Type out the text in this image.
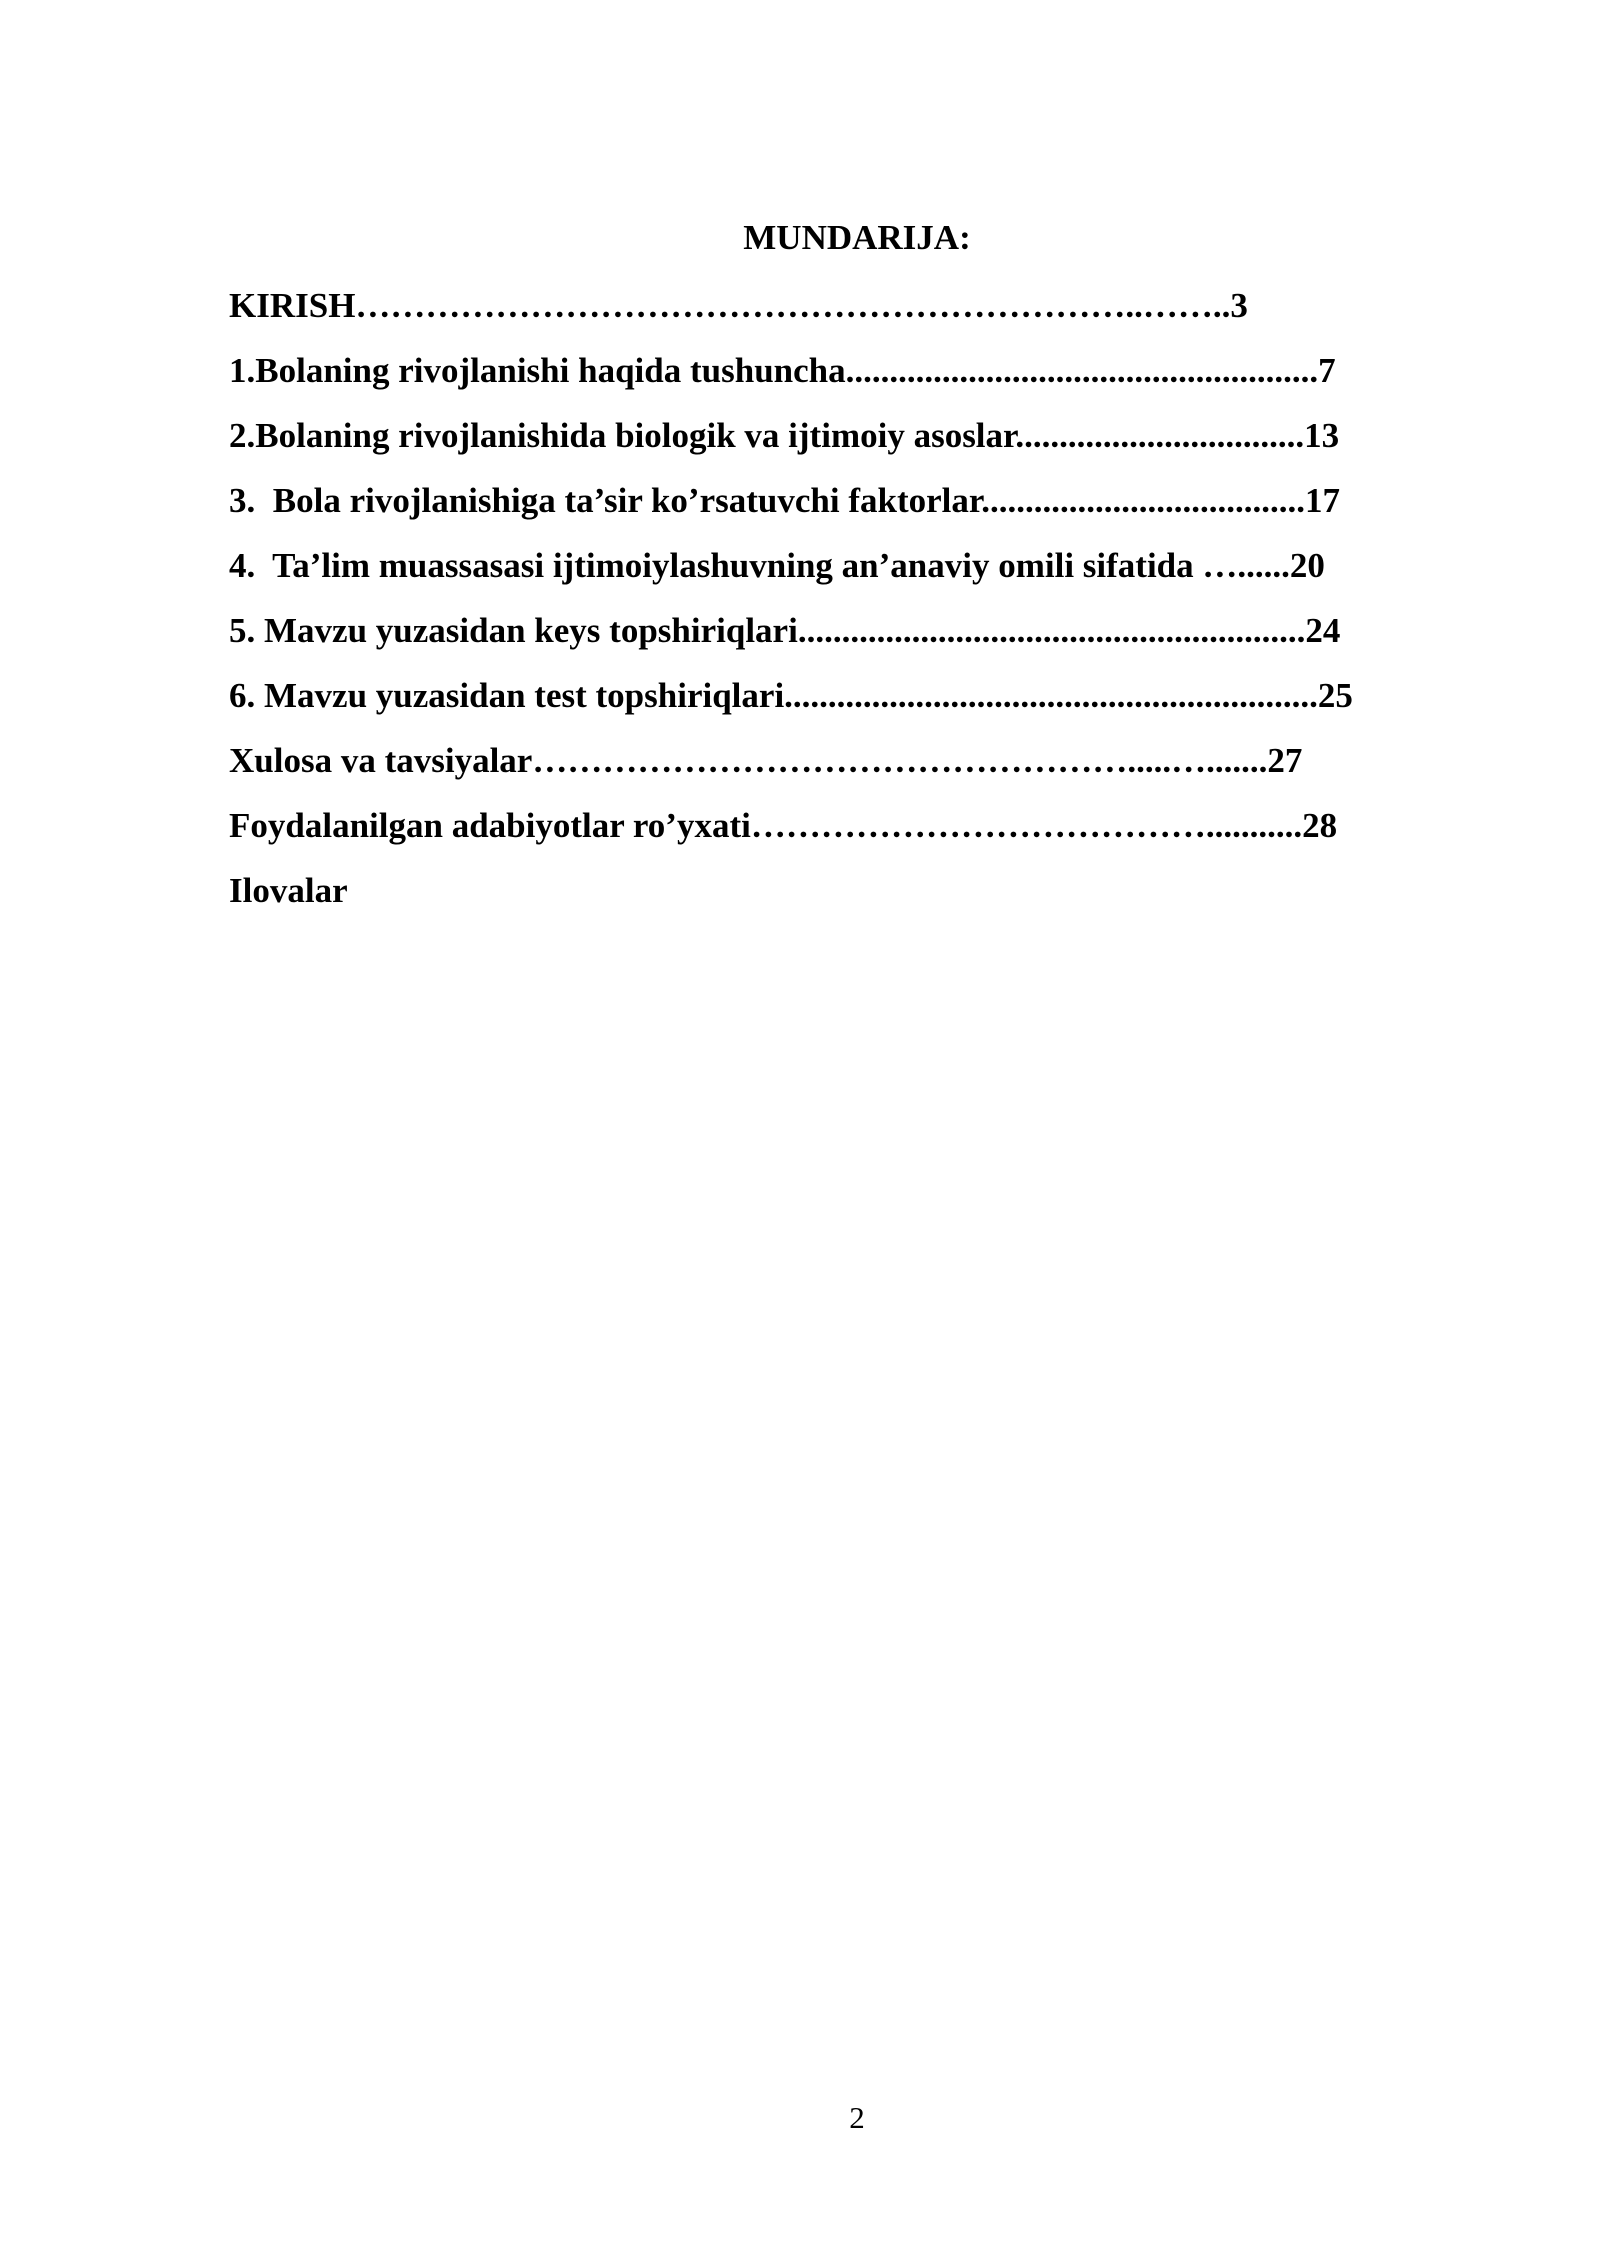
MUNDARIJA:
KIRISH…………………………………………………………..……..3
1.Bolaning rivojlanishi haqida tushuncha......................................................7
2.Bolaning rivojlanishida biologik va ijtimoiy asoslar.................................13
3.  Bola rivojlanishiga ta’sir ko’rsatuvchi faktorlar.....................................17
4.  Ta’lim muassasasi ijtimoiylashuvning an’anaviy omili sifatida …......20
5. Mavzu yuzasidan keys topshiriqlari..........................................................24
6. Mavzu yuzasidan test topshiriqlari.............................................................25
Xulosa va tavsiyalar…………………………………………….....….......27
Foydalanilgan adabiyotlar ro’yxati…………………………………...........28
Ilovalar
2
